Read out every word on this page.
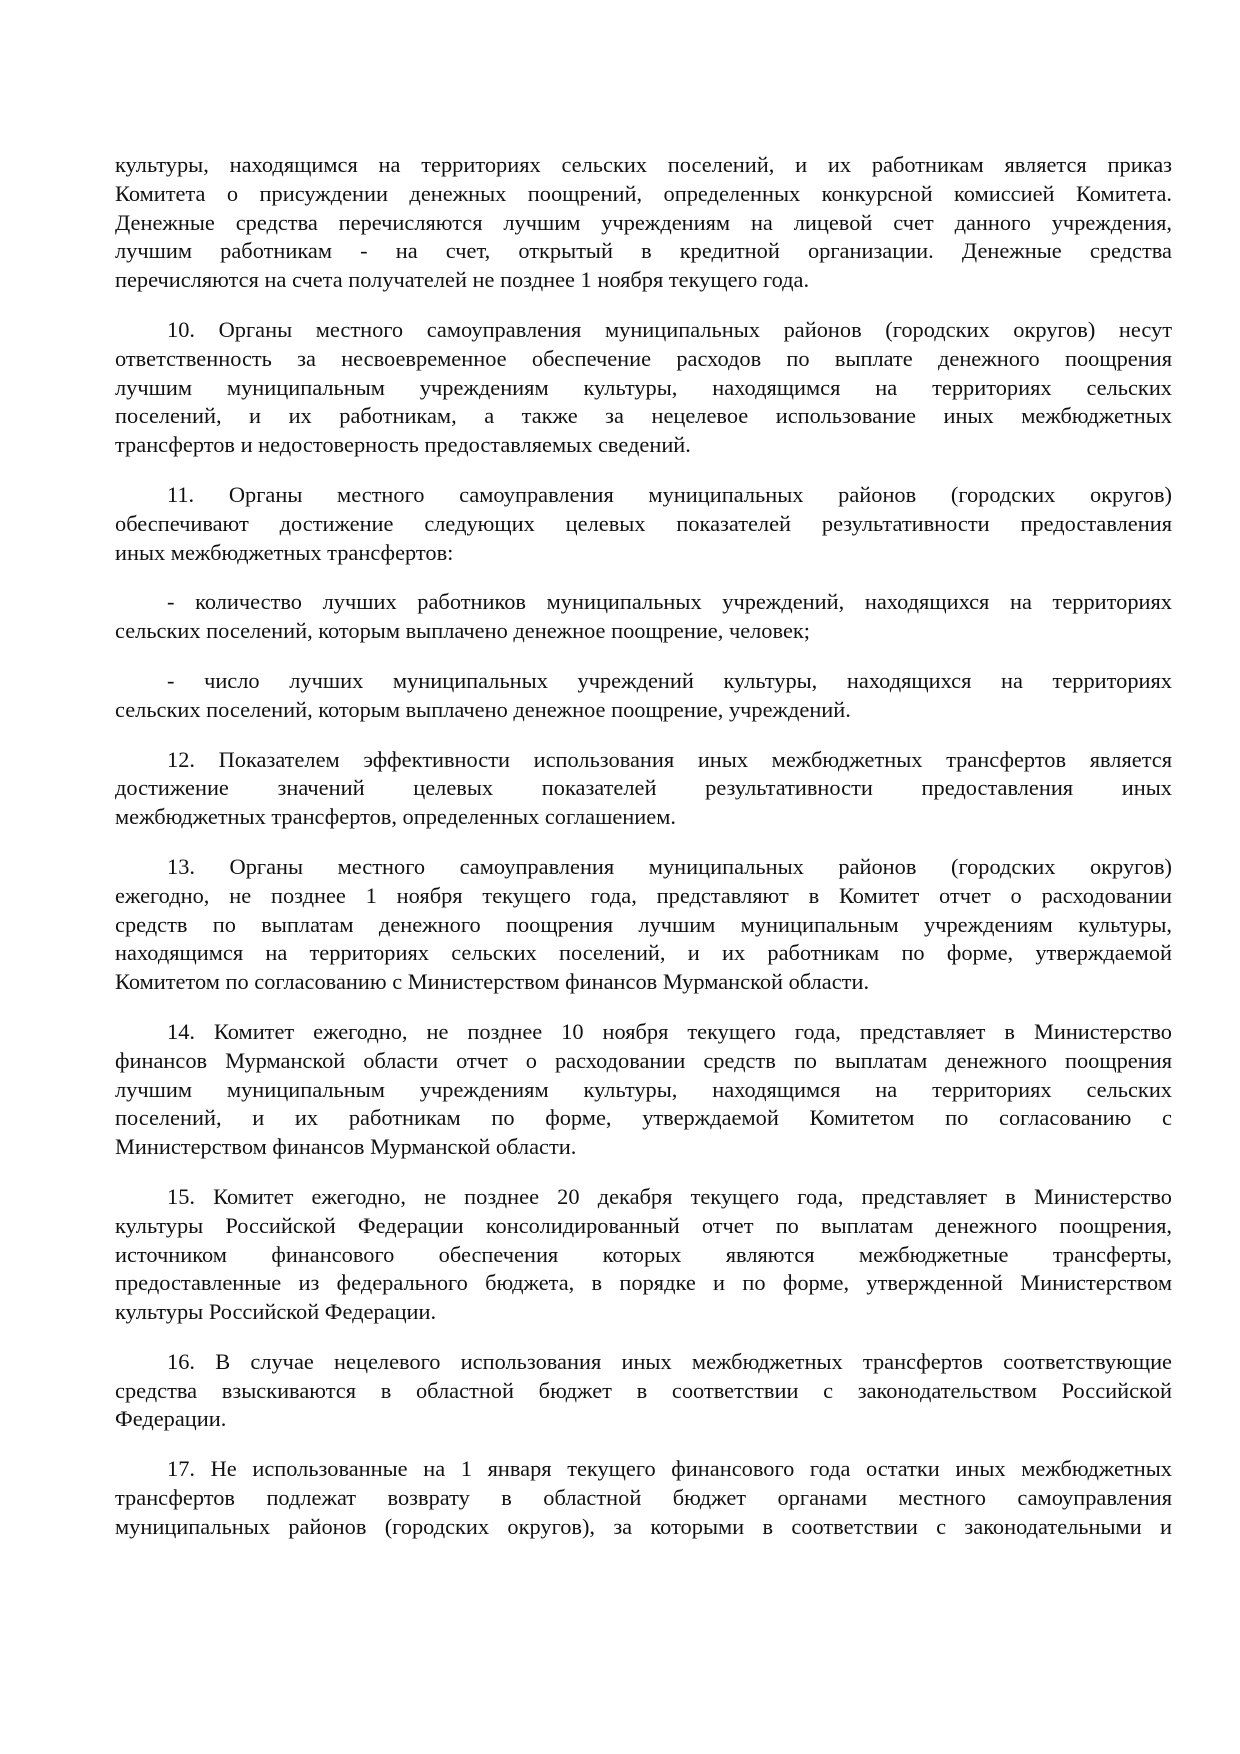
культуры, находящимся на территориях сельских поселений, и их работникам является приказ
Комитета о присуждении денежных поощрений, определенных конкурсной комиссией Комитета.
Денежные средства перечисляются лучшим учреждениям на лицевой счет данного учреждения,
лучшим работникам - на счет, открытый в кредитной организации. Денежные средства
перечисляются на счета получателей не позднее 1 ноября текущего года.
10. Органы местного самоуправления муниципальных районов (городских округов) несут
ответственность за несвоевременное обеспечение расходов по выплате денежного поощрения
лучшим муниципальным учреждениям культуры, находящимся на территориях сельских
поселений, и их работникам, а также за нецелевое использование иных межбюджетных
трансфертов и недостоверность предоставляемых сведений.
11. Органы местного самоуправления муниципальных районов (городских округов)
обеспечивают достижение следующих целевых показателей результативности предоставления
иных межбюджетных трансфертов:
- количество лучших работников муниципальных учреждений, находящихся на территориях
сельских поселений, которым выплачено денежное поощрение, человек;
- число лучших муниципальных учреждений культуры, находящихся на территориях
сельских поселений, которым выплачено денежное поощрение, учреждений.
12. Показателем эффективности использования иных межбюджетных трансфертов является
достижение значений целевых показателей результативности предоставления иных
межбюджетных трансфертов, определенных соглашением.
13. Органы местного самоуправления муниципальных районов (городских округов)
ежегодно, не позднее 1 ноября текущего года, представляют в Комитет отчет о расходовании
средств по выплатам денежного поощрения лучшим муниципальным учреждениям культуры,
находящимся на территориях сельских поселений, и их работникам по форме, утверждаемой
Комитетом по согласованию с Министерством финансов Мурманской области.
14. Комитет ежегодно, не позднее 10 ноября текущего года, представляет в Министерство
финансов Мурманской области отчет о расходовании средств по выплатам денежного поощрения
лучшим муниципальным учреждениям культуры, находящимся на территориях сельских
поселений, и их работникам по форме, утверждаемой Комитетом по согласованию с
Министерством финансов Мурманской области.
15. Комитет ежегодно, не позднее 20 декабря текущего года, представляет в Министерство
культуры Российской Федерации консолидированный отчет по выплатам денежного поощрения,
источником финансового обеспечения которых являются межбюджетные трансферты,
предоставленные из федерального бюджета, в порядке и по форме, утвержденной Министерством
культуры Российской Федерации.
16. В случае нецелевого использования иных межбюджетных трансфертов соответствующие
средства взыскиваются в областной бюджет в соответствии с законодательством Российской
Федерации.
17. Не использованные на 1 января текущего финансового года остатки иных межбюджетных
трансфертов подлежат возврату в областной бюджет органами местного самоуправления
муниципальных районов (городских округов), за которыми в соответствии с законодательными и
